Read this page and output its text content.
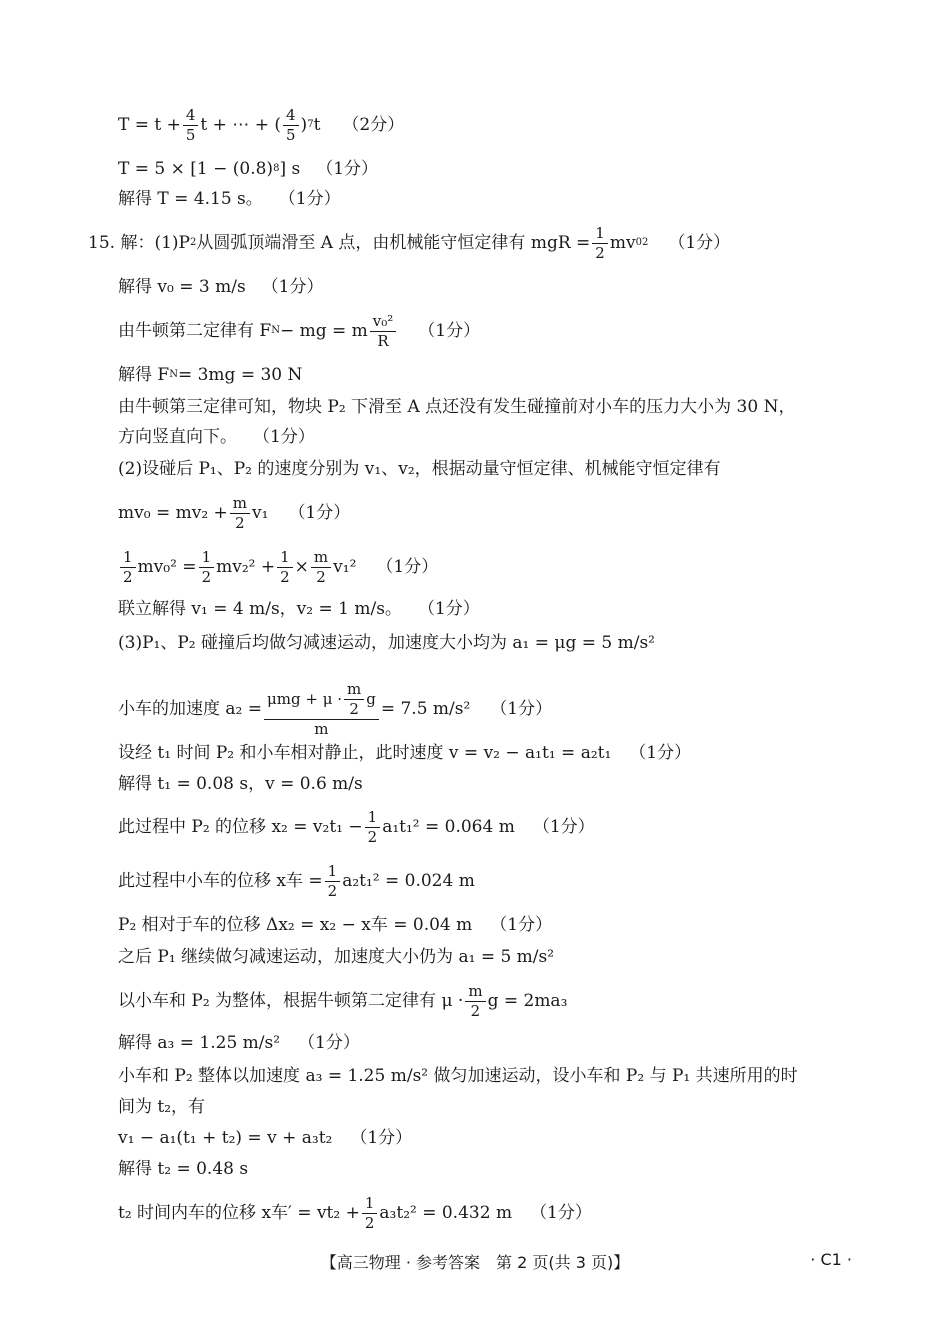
$T = t + \frac{4}{5}$ t + ⋯ + ( $\frac{4}{5}$ ) 7 t （2分）
T = 5 × [1 − (0.8) 8 ] s （1分）
解得 T = 4.15 s。 （1分）
15. 解：(1)P 2 从圆弧顶端滑至 A 点，由机械能守恒定律有 mgR = $\frac{1}{2}$ mv 0 2 （1分）
解得 v₀ = 3 m/s （1分）
由牛顿第二定律有 F N − mg = m $\frac{\text{v₀²}}{R} (1$分）
解得 F N = 3mg = 30 N
由牛顿第三定律可知，物块 P₂ 下滑至 A 点还没有发生碰撞前对小车的压力大小为 30 N，
方向竖直向下。 （1分）
(2)设碰后 P₁、P₂ 的速度分别为 v₁、v₂，根据动量守恒定律、机械能守恒定律有
$mv_0 = mv_2 + \frac{m}{2} v_1$ （1分）
$\frac{1}{2} mv_0^2 = \frac{1}{2} mv_2^2 + \frac{1}{2} \times \frac{m}{2} v_1^2$ （1分）
联立解得 v₁ = 4 m/s，v₂ = 1 m/s。 （1分）
(3)P₁、P₂ 碰撞后均做匀减速运动，加速度大小均为 a₁ = μg = 5 m/s²
小车的加速度 $a_2 = \frac{\mu mg + \mu \cdot \frac{m}{2} g}{m} = 7.5$ m/s² （1分）
设经 t₁ 时间 P₂ 和小车相对静止，此时速度 v = v₂ − a₁t₁ = a₂t₁ （1分）
解得 t₁ = 0.08 s，v = 0.6 m/s
此过程中 P₂ 的位移 $x_2 = v_2t_1 - \frac{1}{2} a_1t_1^2 = 0.064$ m （1分）
此过程中小车的位移 x车 = $\frac{1}{2} a_2t_1^2 = 0.024$ m
P₂ 相对于车的位移 Δx₂ = x₂ − x车 = 0.04 m （1分）
之后 P₁ 继续做匀减速运动，加速度大小仍为 a₁ = 5 m/s²
以小车和 P₂ 为整体，根据牛顿第二定律有 $\mu \cdot \frac{m}{2}$ g = 2ma₃
解得 a₃ = 1.25 m/s² （1分）
小车和 P₂ 整体以加速度 a₃ = 1.25 m/s² 做匀加速运动，设小车和 P₂ 与 P₁ 共速所用的时
间为 t₂，有
v₁ − a₁(t₁ + t₂) = v + a₃t₂ （1分）
解得 t₂ = 0.48 s
t₂ 时间内车的位移 x车′ = $vt_2 + \frac{1}{2} a_3t_2^2 = 0.432$ m （1分）
【高三物理 · 参考答案　第 2 页(共 3 页)】	· C1 ·
